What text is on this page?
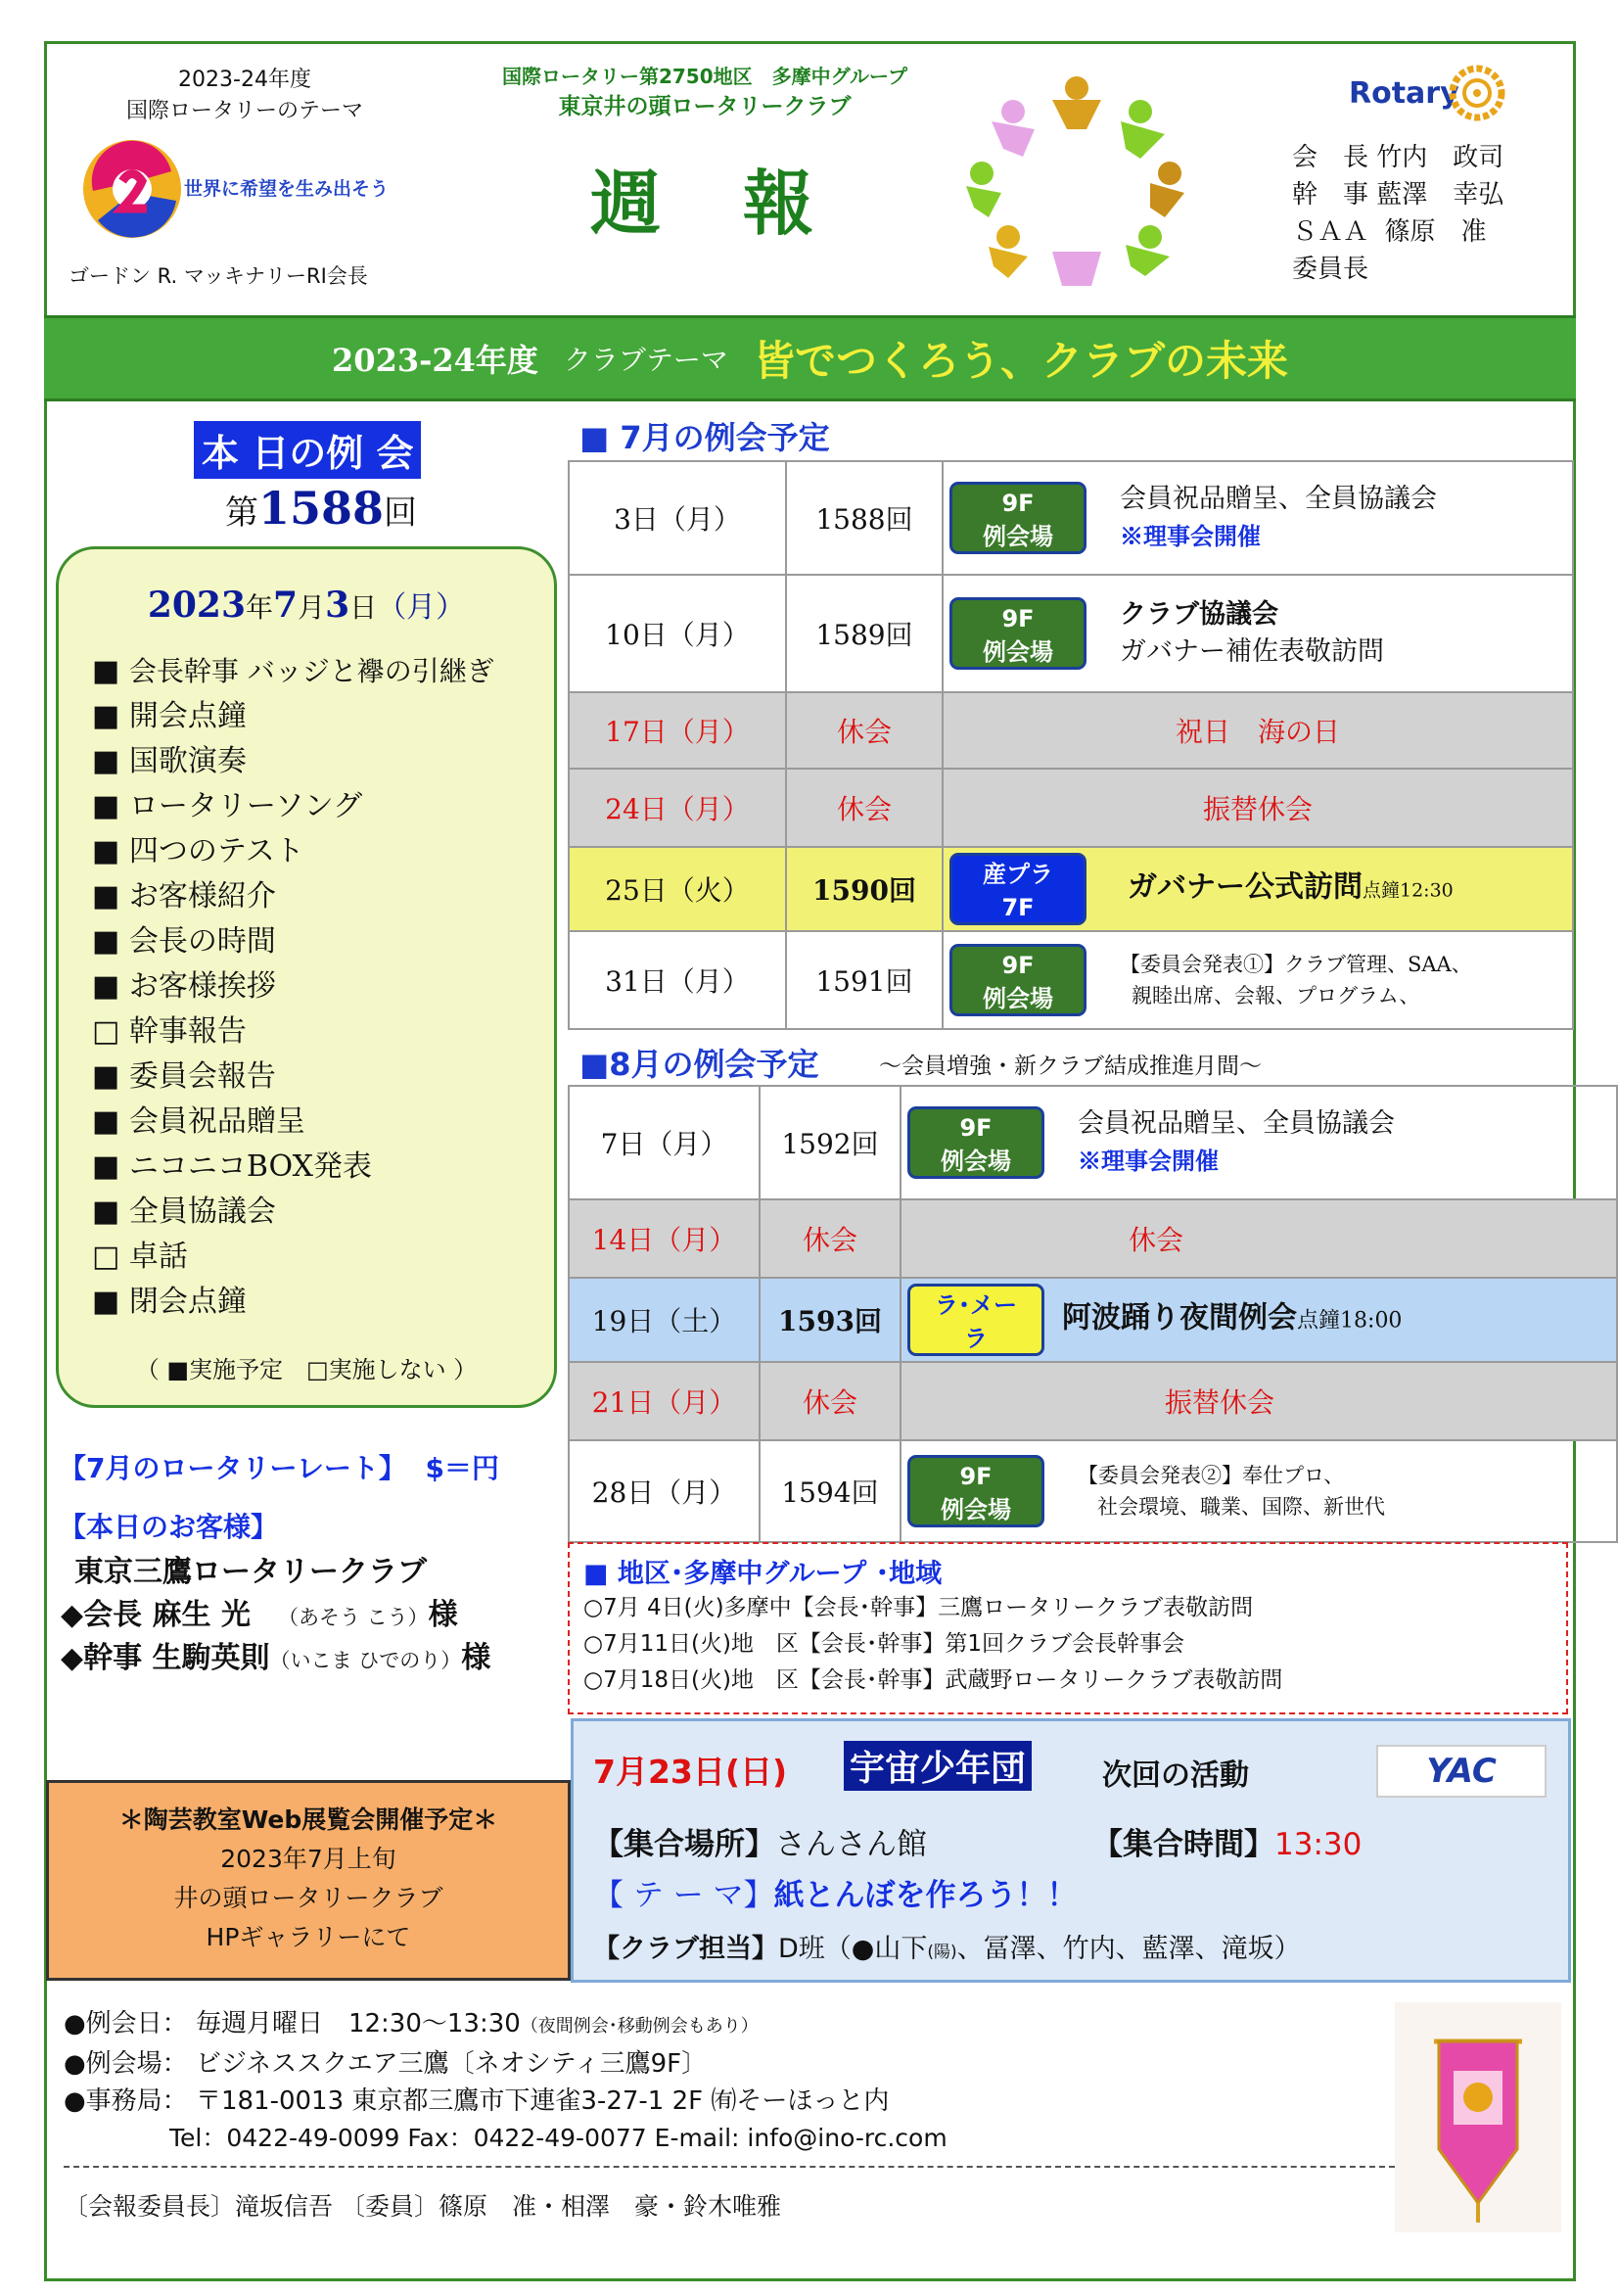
2023-24年度
国際ロータリーのテーマ
世界に希望を生み出そう
ゴードン R. マッキナリーRI会長
国際ロータリー第2750地区　多摩中グループ
東京井の頭ロータリークラブ
週　報
Rotary
会　長 竹内　政司
幹　事 藍澤　幸弘
ＳＡＡ 篠原　准
委員長
2023-24年度 クラブテーマ 皆でつくろう、クラブの未来
本 日の例 会
第1588回
2023年7月3日（月）
■ 会長幹事 バッジと襷の引継ぎ
■ 開会点鐘
■ 国歌演奏
■ ロータリーソング
■ 四つのテスト
■ お客様紹介
■ 会長の時間
■ お客様挨拶
□ 幹事報告
■ 委員会報告
■ 会員祝品贈呈
■ ニコニコBOX発表
■ 全員協議会
□ 卓話
■ 閉会点鐘
（ ■実施予定　□実施しない ）
【7月のロータリーレート】 $＝円
【本日のお客様】
東京三鷹ロータリークラブ
◆会長 麻生 光 （あそう こう）様
◆幹事 生駒英則（いこま ひでのり）様
＊陶芸教室Web展覧会開催予定＊
2023年7月上旬
井の頭ロータリークラブ
HPギャラリーにて
■ 7月の例会予定
3日（月）	1588回	9F
例会場
会員祝品贈呈、全員協議会
※理事会開催

10日（月）	1589回	9F
例会場
クラブ協議会
ガバナー補佐表敬訪問

17日（月）	休会	祝日　海の日
24日（月）	休会	振替休会
25日（火）	1590回	産プラ
7F
ガバナー公式訪問点鐘12:30

31日（月）	1591回	9F
例会場
【委員会発表①】クラブ管理、SAA、
親睦出席、会報、プログラム、
■8月の例会予定	～会員増強・新クラブ結成推進月間～
7日（月）	1592回	9F
例会場
会員祝品贈呈、全員協議会
※理事会開催

14日（月）	休会	休会
19日（土）	1593回	ラ･メー
ラ
阿波踊り夜間例会点鐘18:00

21日（月）	休会	振替休会
28日（月）	1594回	9F
例会場
【委員会発表②】奉仕プロ、
社会環境、職業、国際、新世代
■ 地区･多摩中グループ ･地域
○7月 4日(火)多摩中【会長･幹事】三鷹ロータリークラブ表敬訪問
○7月11日(火)地　区【会長･幹事】第1回クラブ会長幹事会
○7月18日(火)地　区【会長･幹事】武蔵野ロータリークラブ表敬訪問
7月23日(日) 宇宙少年団	次回の活動	YAC
【集合場所】さんさん館	【集合時間】13:30
【 テ ー マ】紙とんぼを作ろう！！
【クラブ担当】D班（●山下(陽)、冨澤、竹内、藍澤、滝坂）
●例会日： 毎週月曜日　12:30～13:30（夜間例会･移動例会もあり）
●例会場： ビジネススクエア三鷹〔ネオシティ三鷹9F〕
●事務局： 〒181-0013 東京都三鷹市下連雀3-27-1 2F ㈲そーほっと内
Tel：0422-49-0099 Fax：0422-49-0077 E-mail: info@ino-rc.com
〔会報委員長〕滝坂信吾 〔委員〕篠原　准・相澤　豪・鈴木唯雅
